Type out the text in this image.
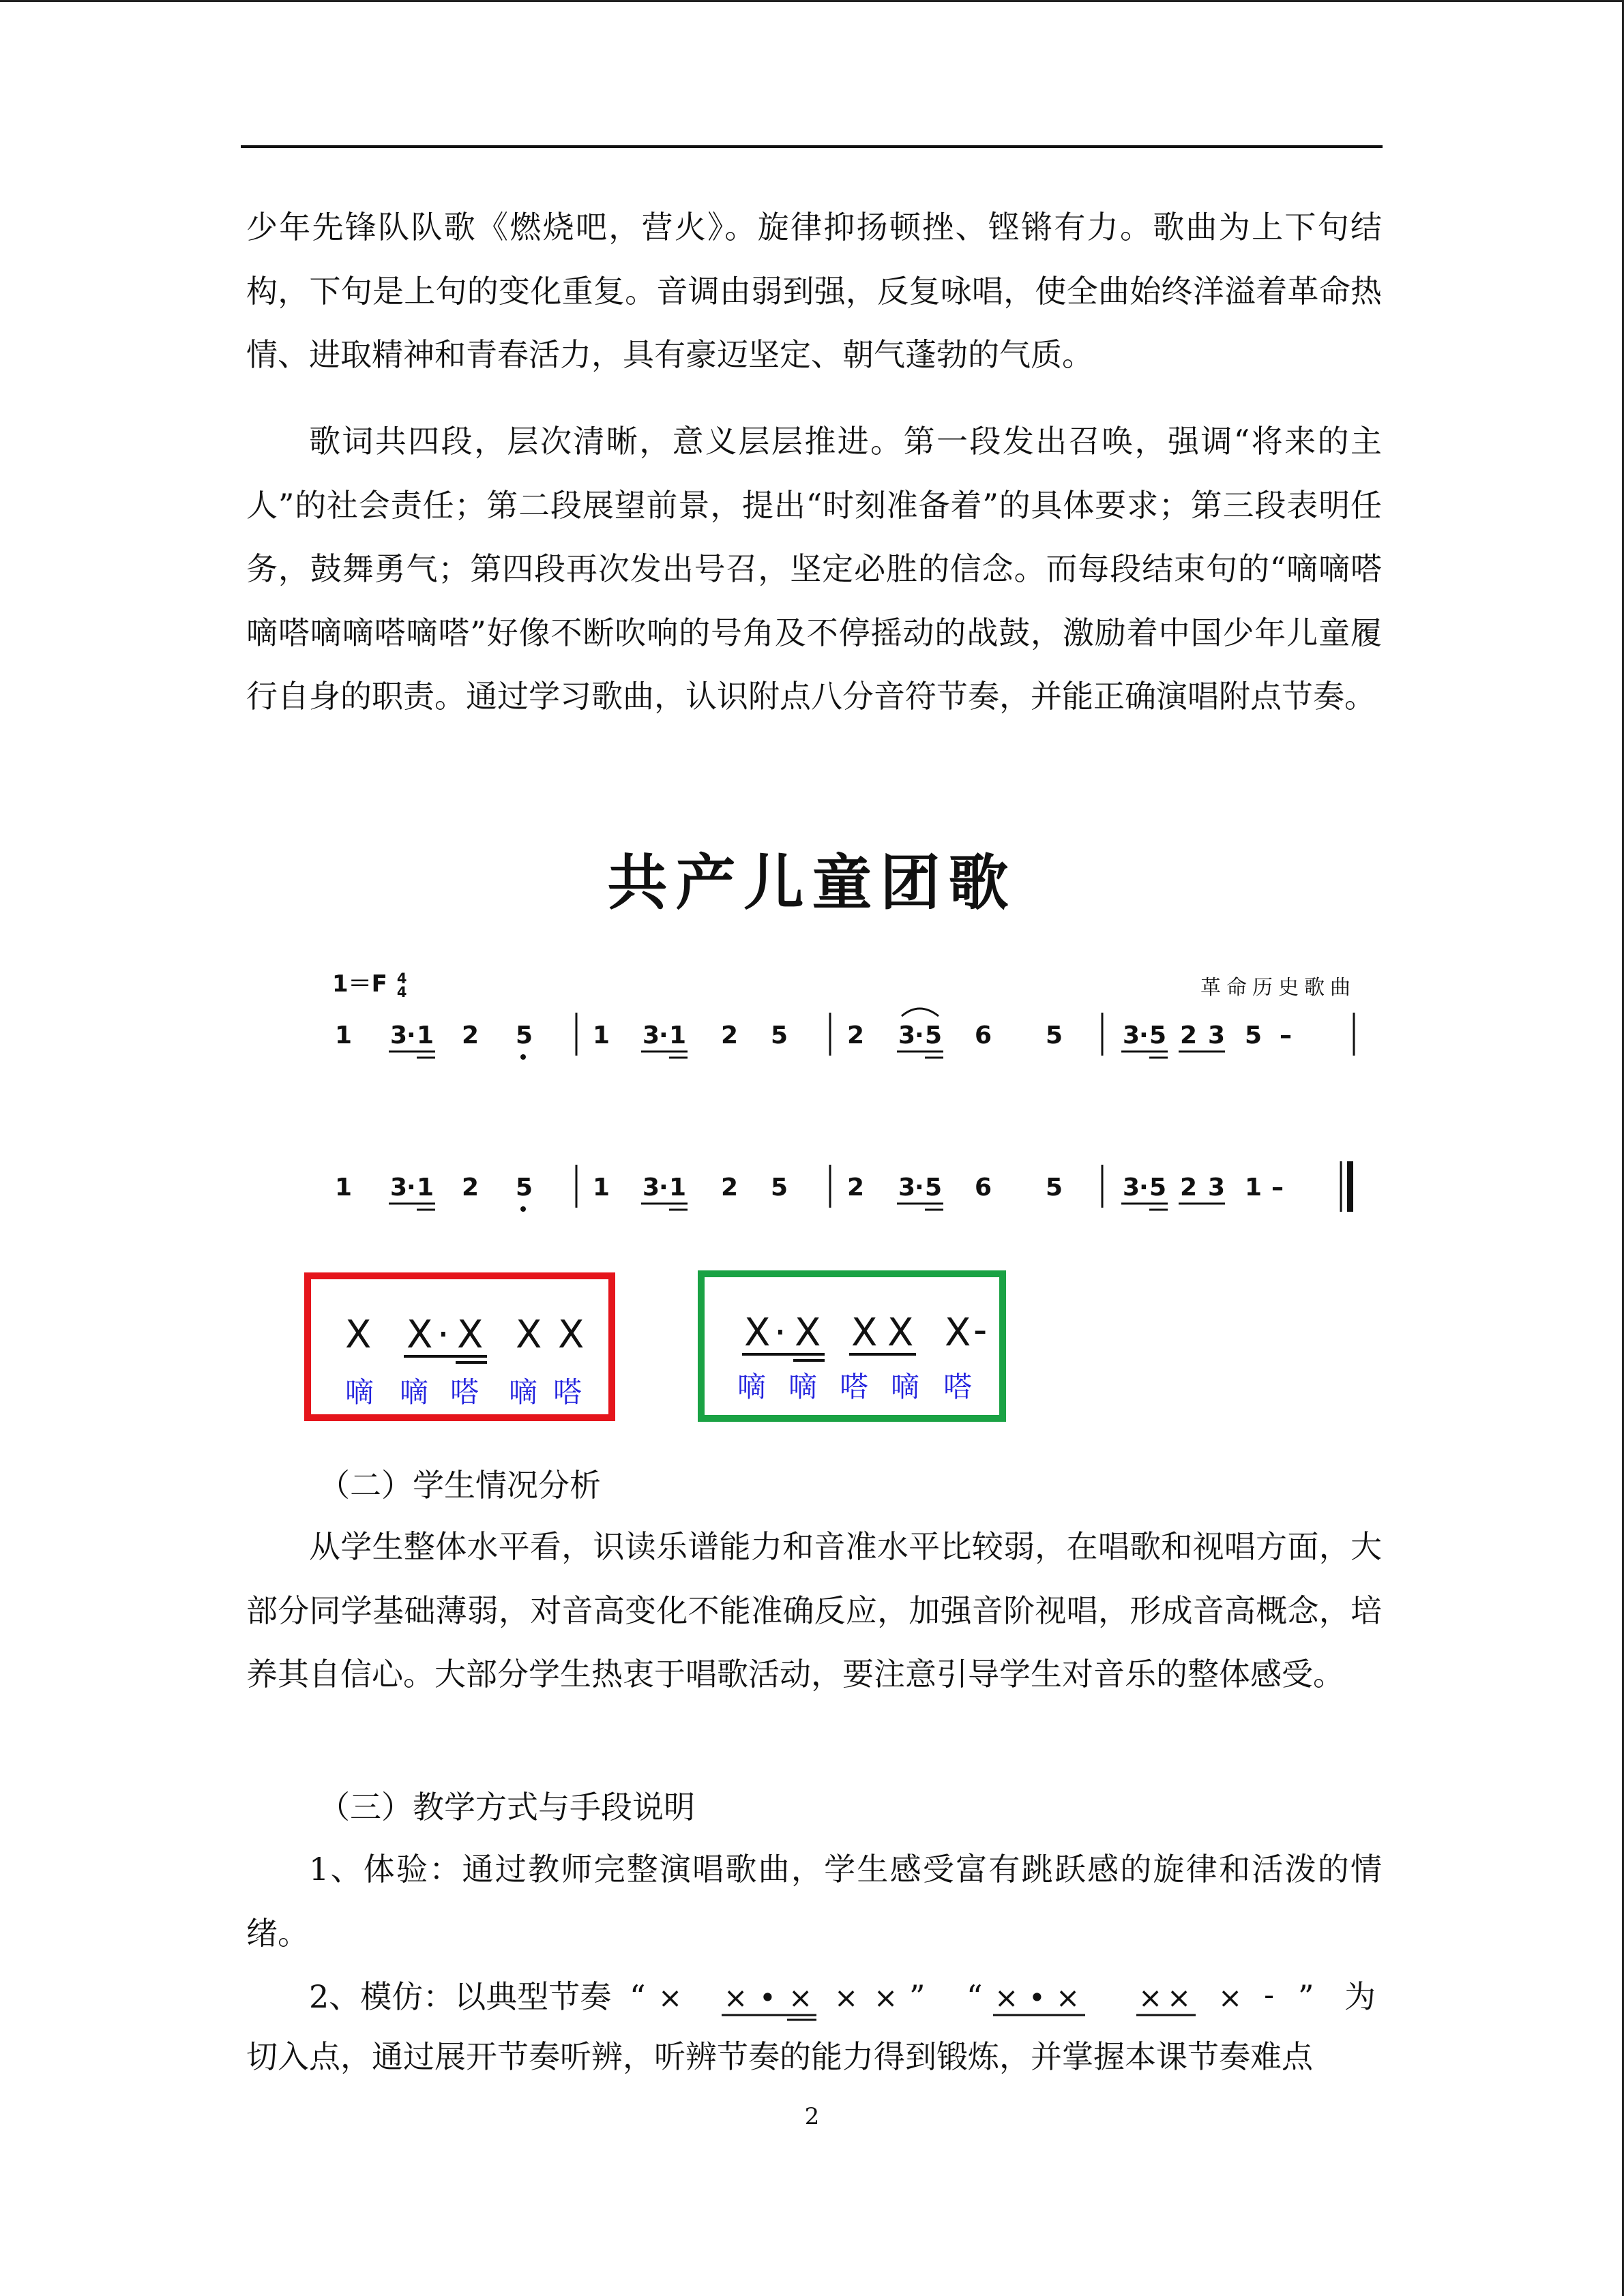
少年先锋队队歌《燃烧吧，营火》。旋律抑扬顿挫、铿锵有力。歌曲为上下句结构，下句是上句的变化重复。音调由弱到强，反复咏唱，使全曲始终洋溢着革命热情、进取精神和青春活力，具有豪迈坚定、朝气蓬勃的气质。

歌词共四段，层次清晰，意义层层推进。第一段发出召唤，强调“将来的主人”的社会责任；第二段展望前景，提出“时刻准备着”的具体要求；第三段表明任务，鼓舞勇气；第四段再次发出号召，坚定必胜的信念。而每段结束句的“嘀嘀嗒嘀嗒嘀嘀嗒嘀嗒”好像不断吹响的号角及不停摇动的战鼓，激励着中国少年儿童履行自身的职责。通过学习歌曲，认识附点八分音符节奏，并能正确演唱附点节奏。

共产儿童团歌
1＝F 4
4	革命历史歌曲
1 3
· 1 2 5 1 3
· 1 2 5 2 3
· 5 6 5 3
· 5 2 3 5 –
1 3
· 1 2 5 1 3
· 1 2 5 2 3
· 5 6 5 3
· 5 2 3 1 –
X X · X X X
嘀 嘀 嗒 嘀 嗒
X · X X X X -
嘀 嘀 嗒 嘀 嗒
（二）学生情况分析

从学生整体水平看，识读乐谱能力和音准水平比较弱，在唱歌和视唱方面，大部分同学基础薄弱，对音高变化不能准确反应，加强音阶视唱，形成音高概念，培养其自信心。大部分学生热衷于唱歌活动，要注意引导学生对音乐的整体感受。

（三）教学方式与手段说明

1、体验：通过教师完整演唱歌曲，学生感受富有跳跃感的旋律和活泼的情绪。

2、模仿：以典型节奏 “ × × • × × × ” “ × • × × × × - ” 为

切入点，通过展开节奏听辨，听辨节奏的能力得到锻炼，并掌握本课节奏难点

2
